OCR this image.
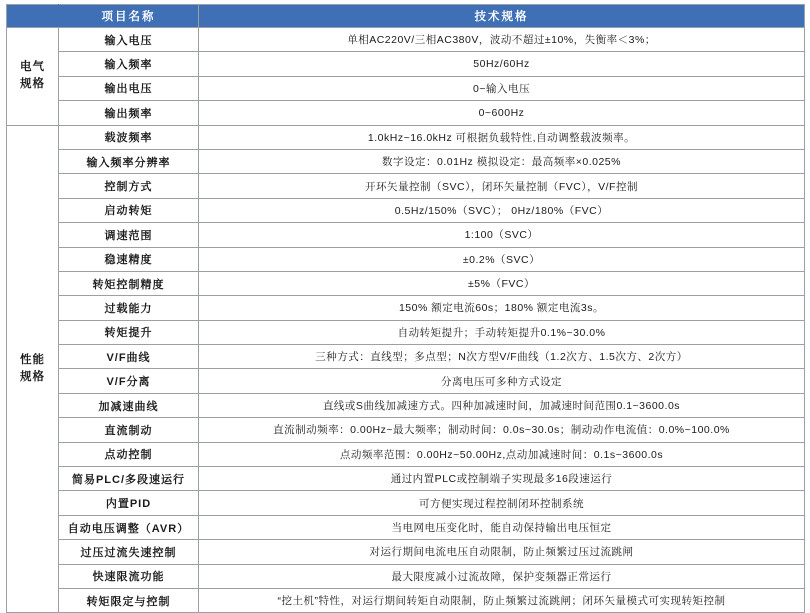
	项目名称	技术规格

电气
规格	输入电压	单相AC220V/三相AC380V，波动不超过±10%，失衡率＜3%；
	输入频率	50Hz/60Hz
	输出电压	0~输入电压
	输出频率	0~600Hz

性能
规格	载波频率	1.0kHz~16.0kHz 可根据负载特性,自动调整载波频率。
	输入频率分辨率	数字设定：0.01Hz 模拟设定：最高频率×0.025%
	控制方式	开环矢量控制（SVC），闭环矢量控制（FVC），V/F控制
	启动转矩	0.5Hz/150%（SVC）； 0Hz/180%（FVC）
	调速范围	1:100（SVC）
	稳速精度	±0.2%（SVC）
	转矩控制精度	±5%（FVC）
	过载能力	150% 额定电流60s；180% 额定电流3s。
	转矩提升	自动转矩提升；手动转矩提升0.1%~30.0%
	V/F曲线	三种方式：直线型；多点型；N次方型V/F曲线（1.2次方、1.5次方、2次方）
	V/F分离	分离电压可多种方式设定
	加减速曲线	直线或S曲线加减速方式。四种加减速时间，加减速时间范围0.1~3600.0s
	直流制动	直流制动频率：0.00Hz~最大频率；制动时间：0.0s~30.0s；制动动作电流值：0.0%~100.0%
	点动控制	点动频率范围：0.00Hz~50.00Hz,点动加减速时间：0.1s~3600.0s
	简易PLC/多段速运行	通过内置PLC或控制端子实现最多16段速运行
	内置PID	可方便实现过程控制闭环控制系统
	自动电压调整（AVR）	当电网电压变化时，能自动保持输出电压恒定
	过压过流失速控制	对运行期间电流电压自动限制，防止频繁过压过流跳闸
	快速限流功能	最大限度减小过流故障，保护变频器正常运行
	转矩限定与控制	“挖土机”特性，对运行期间转矩自动限制，防止频繁过流跳闸；闭环矢量模式可实现转矩控制
